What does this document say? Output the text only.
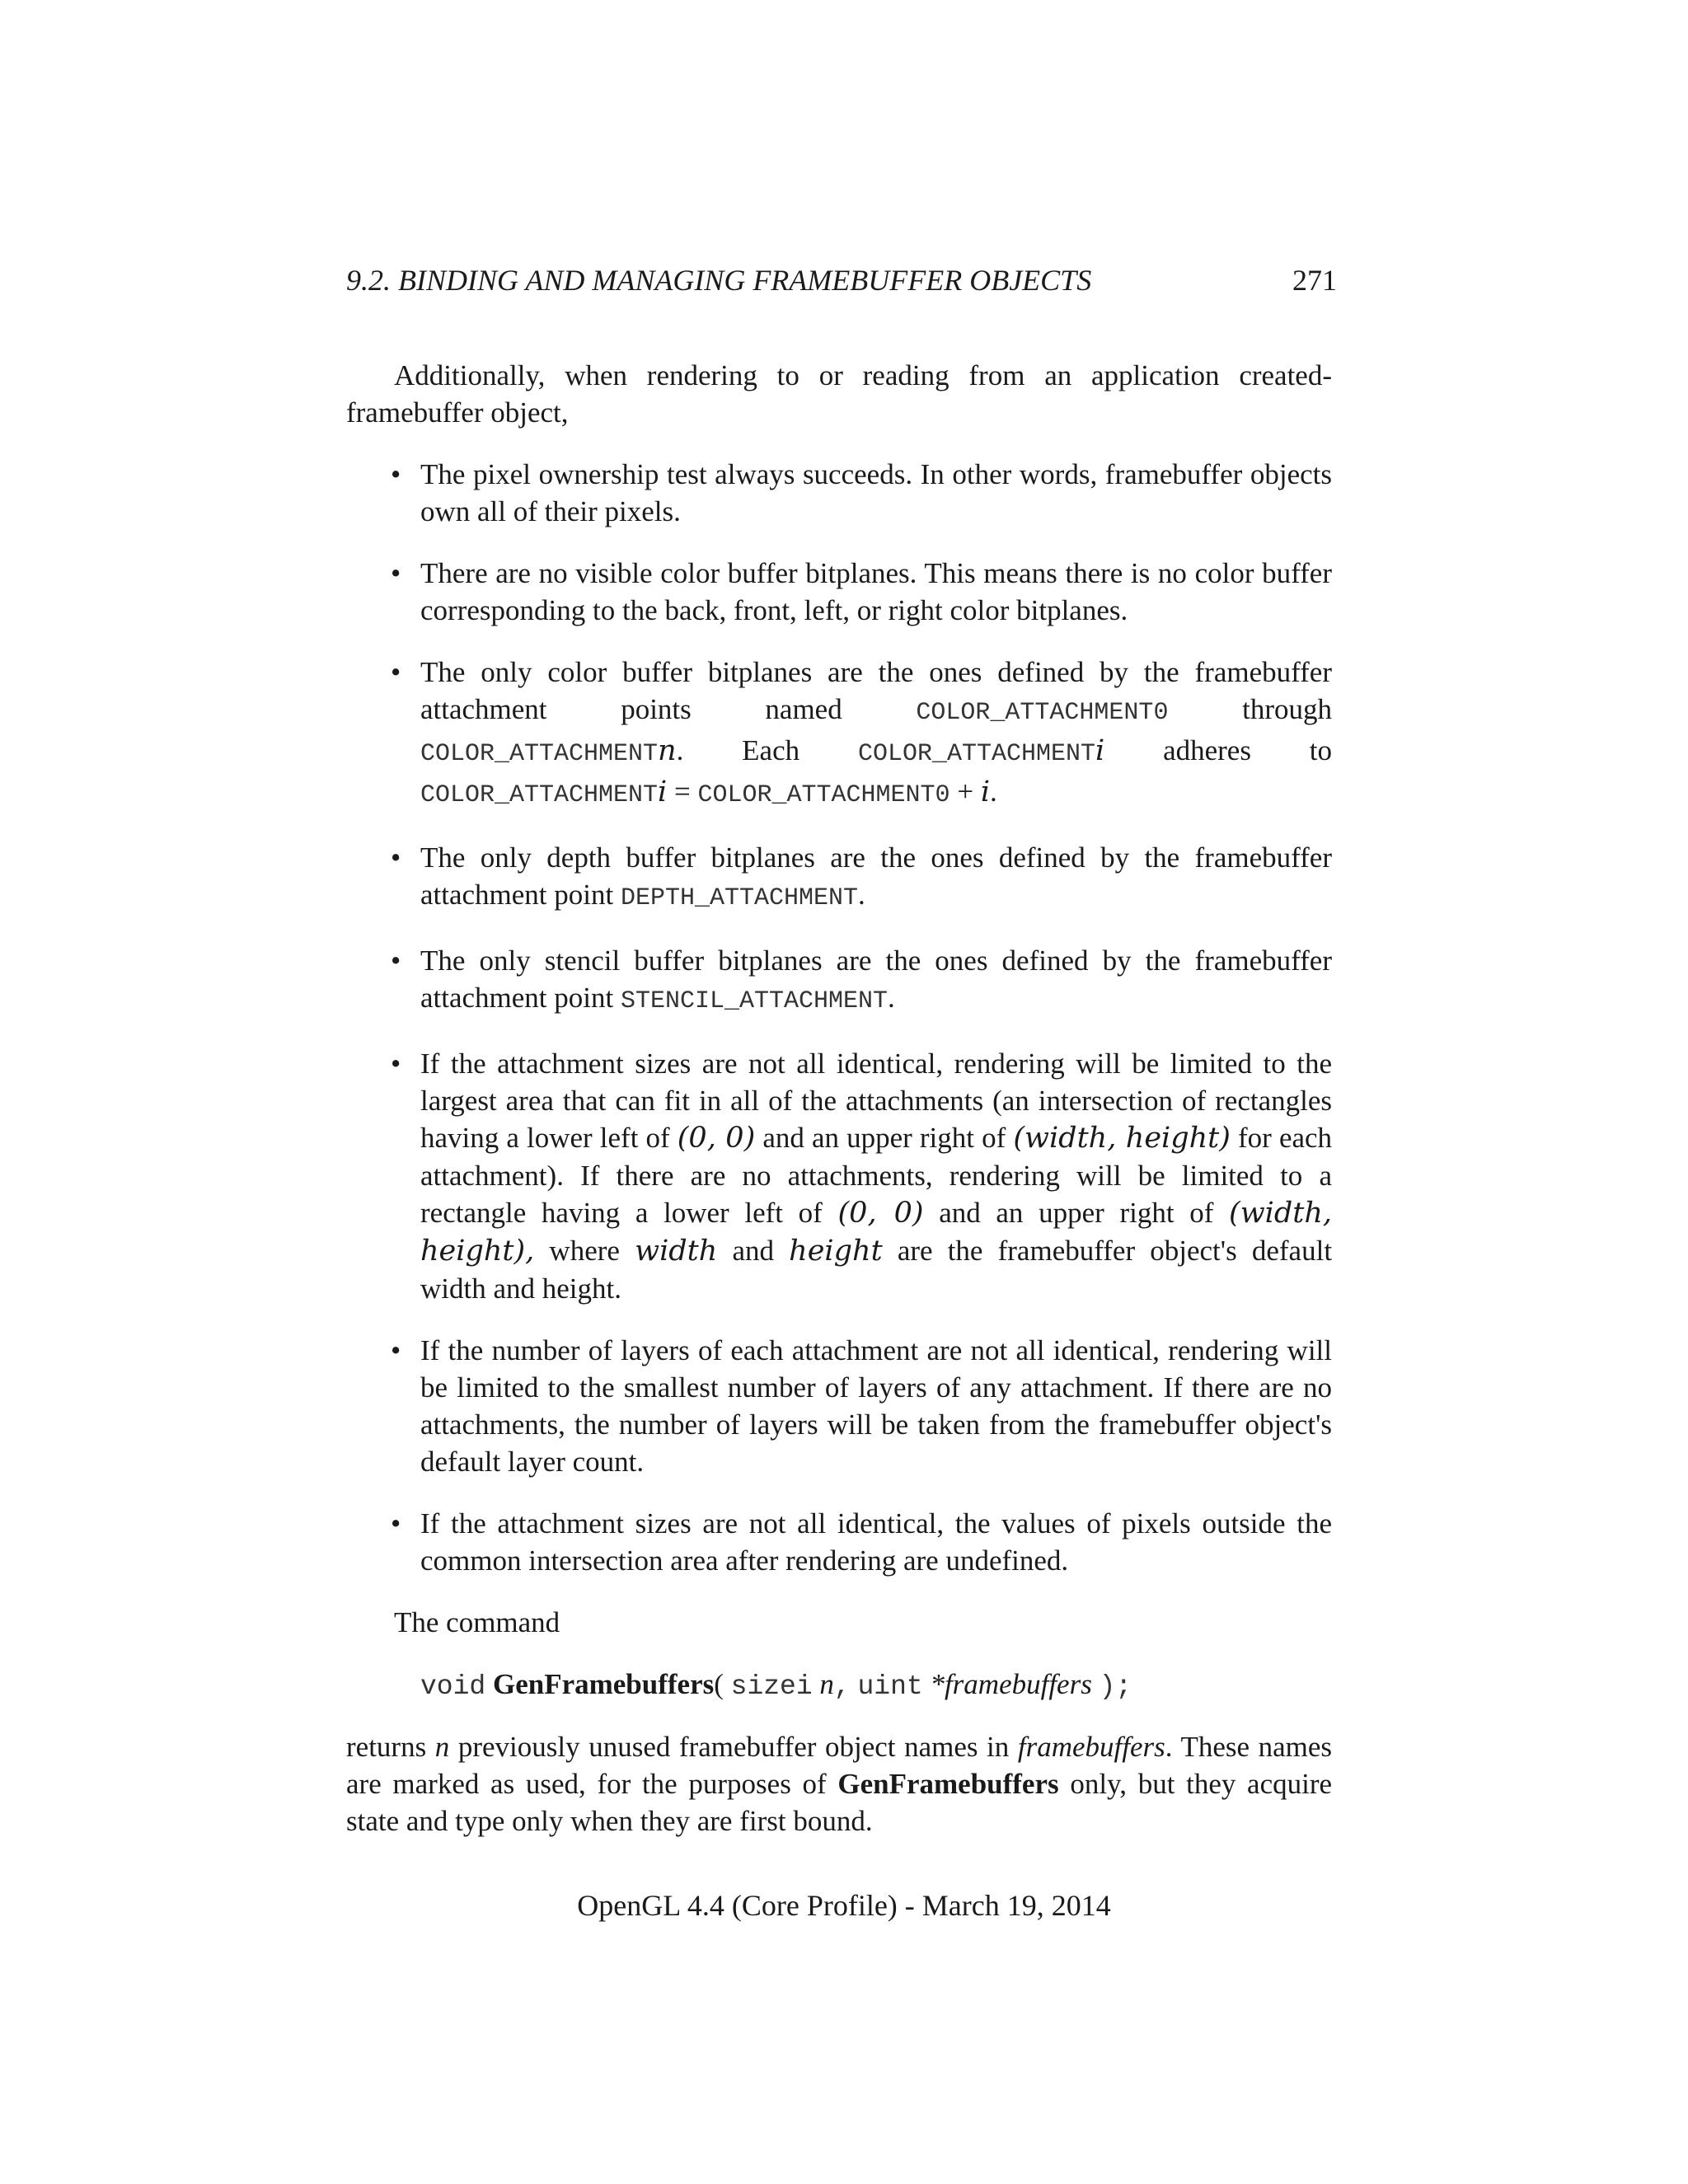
9.2. BINDING AND MANAGING FRAMEBUFFER OBJECTS	271

Additionally, when rendering to or reading from an application created-framebuffer object,

• The pixel ownership test always succeeds. In other words, framebuffer objects own all of their pixels.
• There are no visible color buffer bitplanes. This means there is no color buffer corresponding to the back, front, left, or right color bitplanes.
• The only color buffer bitplanes are the ones defined by the framebuffer attachment points named	COLOR_ATTACHMENT0	through COLOR_ATTACHMENTn. Each COLOR_ATTACHMENTi adheres to COLOR_ATTACHMENTi = COLOR_ATTACHMENT0 + i.
• The only depth buffer bitplanes are the ones defined by the framebuffer attachment point DEPTH_ATTACHMENT.
• The only stencil buffer bitplanes are the ones defined by the framebuffer attachment point STENCIL_ATTACHMENT.
• If the attachment sizes are not all identical, rendering will be limited to the largest area that can fit in all of the attachments (an intersection of rectangles having a lower left of (0, 0) and an upper right of (width, height) for each attachment). If there are no attachments, rendering will be limited to a rectangle having a lower left of (0, 0) and an upper right of (width, height), where width and height are the framebuffer object's default width and height.
• If the number of layers of each attachment are not all identical, rendering will be limited to the smallest number of layers of any attachment. If there are no attachments, the number of layers will be taken from the framebuffer object's default layer count.
• If the attachment sizes are not all identical, the values of pixels outside the common intersection area after rendering are undefined.

The command

void GenFramebuffers( sizei n, uint *framebuffers );

returns n previously unused framebuffer object names in framebuffers. These names are marked as used, for the purposes of GenFramebuffers only, but they acquire state and type only when they are first bound.

OpenGL 4.4 (Core Profile) - March 19, 2014
